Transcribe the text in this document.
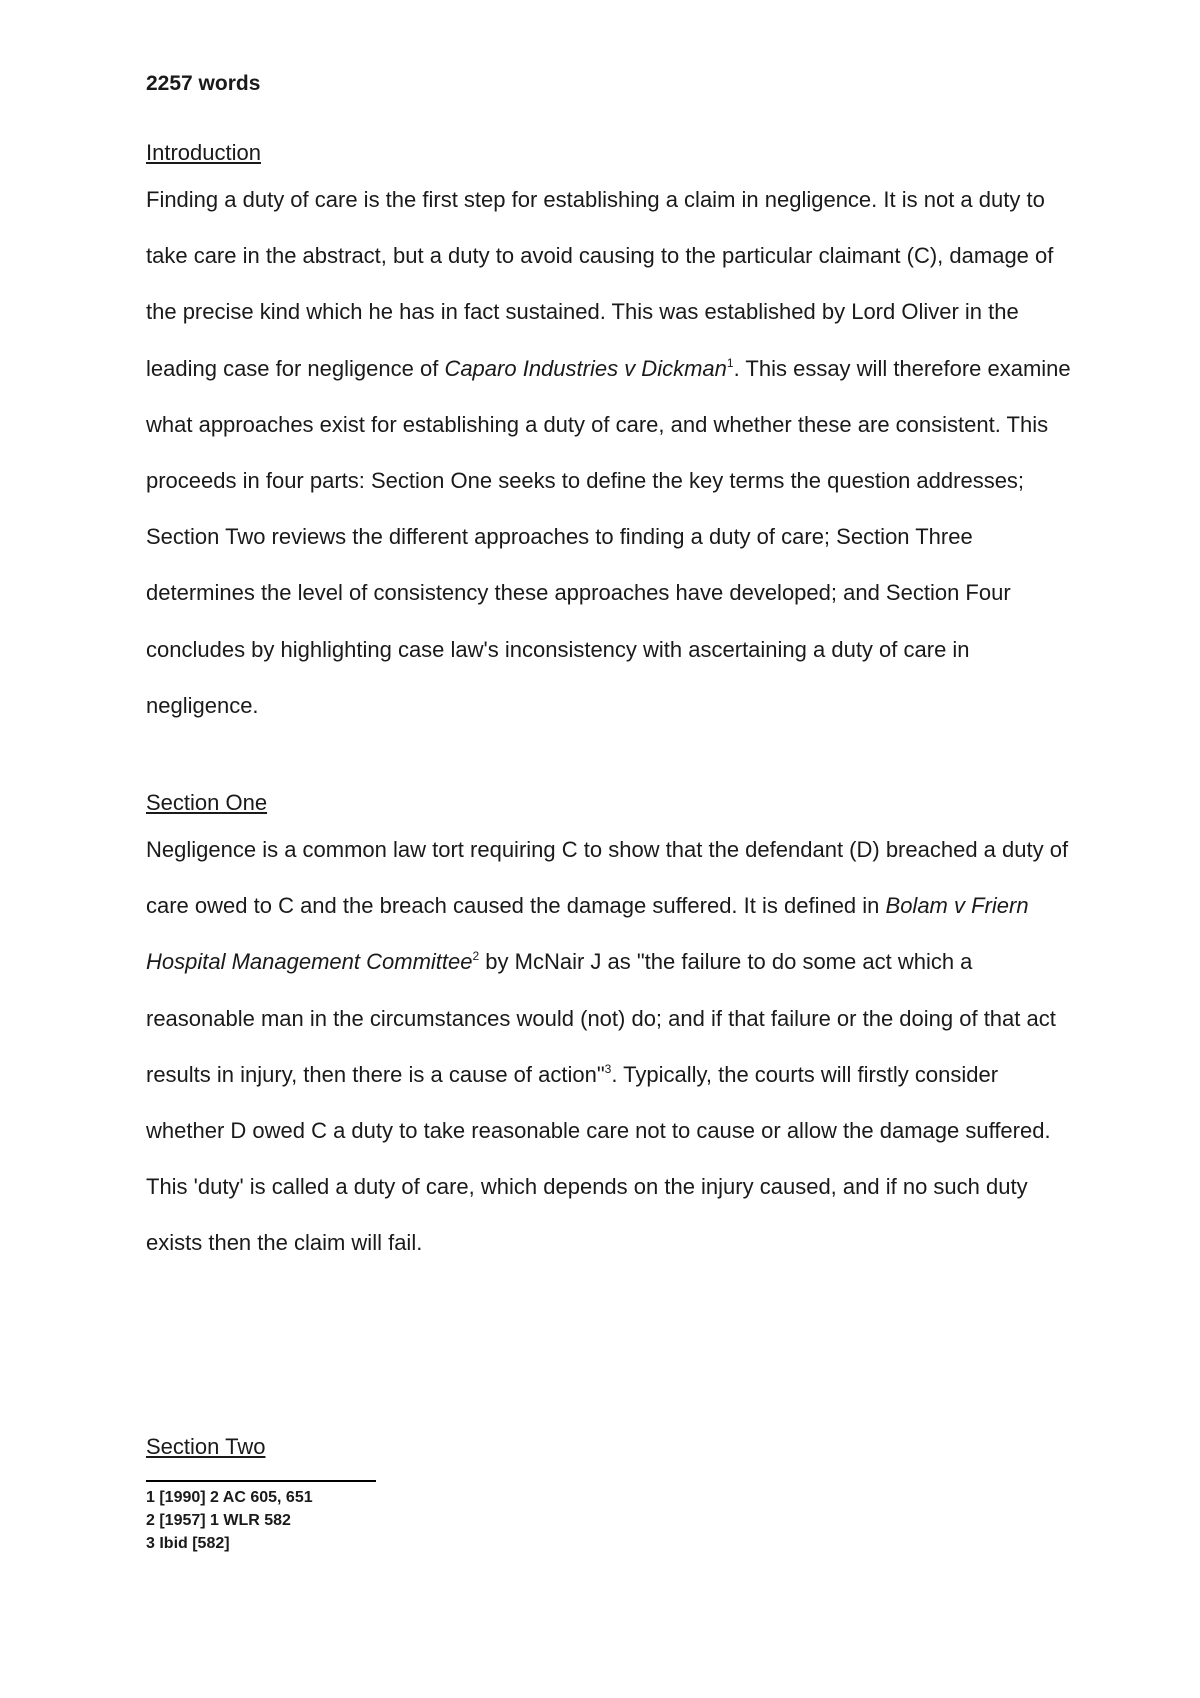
2257 words
Introduction

Finding a duty of care is the first step for establishing a claim in negligence. It is not a duty to take care in the abstract, but a duty to avoid causing to the particular claimant (C), damage of the precise kind which he has in fact sustained. This was established by Lord Oliver in the leading case for negligence of Caparo Industries v Dickman$^1$. This essay will therefore examine what approaches exist for establishing a duty of care, and whether these are consistent. This proceeds in four parts: Section One seeks to define the key terms the question addresses; Section Two reviews the different approaches to finding a duty of care; Section Three determines the level of consistency these approaches have developed; and Section Four concludes by highlighting case law's inconsistency with ascertaining a duty of care in negligence.

Section One

Negligence is a common law tort requiring C to show that the defendant (D) breached a duty of care owed to C and the breach caused the damage suffered. It is defined in Bolam v Friern Hospital Management Committee$^2$ by McNair J as "the failure to do some act which a reasonable man in the circumstances would (not) do; and if that failure or the doing of that act results in injury, then there is a cause of action"$^3$. Typically, the courts will firstly consider whether D owed C a duty to take reasonable care not to cause or allow the damage suffered. This 'duty' is called a duty of care, which depends on the injury caused, and if no such duty exists then the claim will fail.

Section Two
1 [1990] 2 AC 605, 651
2 [1957] 1 WLR 582
3 Ibid [582]
